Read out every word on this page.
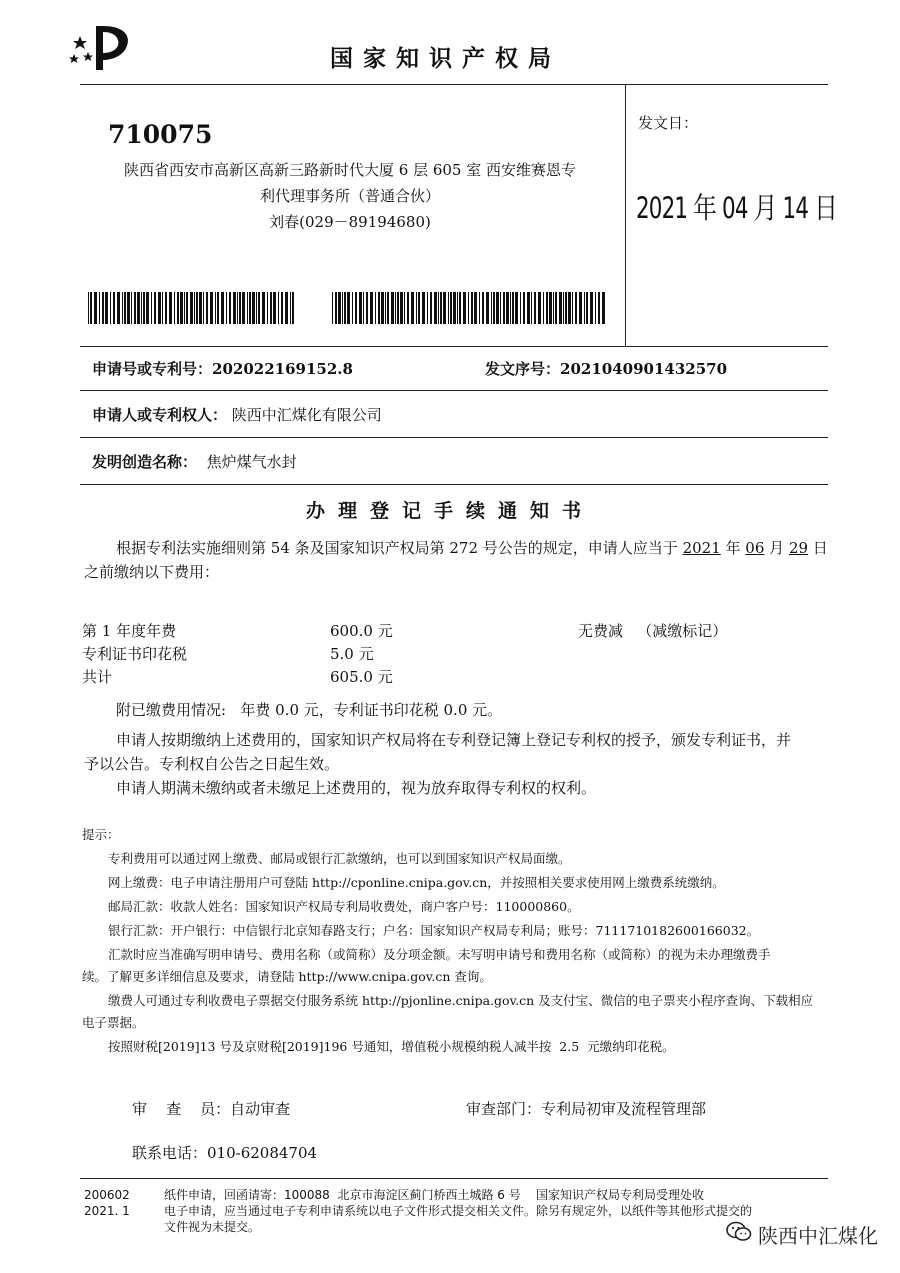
国家知识产权局
710075
陕西省西安市高新区高新三路新时代大厦 6 层 605 室 西安维赛恩专
利代理事务所（普通合伙）
刘春(029－89194680)
发文日：
2021 年 04 月 14 日
申请号或专利号：202022169152.8	发文序号：2021040901432570
申请人或专利权人： 陕西中汇煤化有限公司
发明创造名称： 焦炉煤气水封
办理登记手续通知书
根据专利法实施细则第 54 条及国家知识产权局第 272 号公告的规定，申请人应当于 2021 年 06 月 29 日
之前缴纳以下费用：
第 1 年度年费	600.0 元	无费减   （减缴标记）
专利证书印花税	5.0 元
共计	605.0 元
附已缴费用情况:   年费 0.0 元，专利证书印花税 0.0 元。
申请人按期缴纳上述费用的，国家知识产权局将在专利登记簿上登记专利权的授予，颁发专利证书，并
予以公告。专利权自公告之日起生效。
申请人期满未缴纳或者未缴足上述费用的，视为放弃取得专利权的权利。
提示：
专利费用可以通过网上缴费、邮局或银行汇款缴纳，也可以到国家知识产权局面缴。
网上缴费：电子申请注册用户可登陆 http://cponline.cnipa.gov.cn，并按照相关要求使用网上缴费系统缴纳。
邮局汇款：收款人姓名：国家知识产权局专利局收费处，商户客户号：110000860。
银行汇款：开户银行：中信银行北京知春路支行；户名：国家知识产权局专利局；账号：7111710182600166032。
汇款时应当准确写明申请号、费用名称（或简称）及分项金额。未写明申请号和费用名称（或简称）的视为未办理缴费手
续。了解更多详细信息及要求，请登陆 http://www.cnipa.gov.cn 查询。
缴费人可通过专利收费电子票据交付服务系统 http://pjonline.cnipa.gov.cn 及支付宝、微信的电子票夹小程序查询、下载相应
电子票据。
按照财税[2019]13 号及京财税[2019]196 号通知，增值税小规模纳税人减半按  2.5  元缴纳印花税。
审    查    员：自动审查	审查部门：专利局初审及流程管理部
联系电话：010-62084704
200602
2021. 1
纸件申请，回函请寄：100088  北京市海淀区蓟门桥西土城路 6 号    国家知识产权局专利局受理处收
电子申请，应当通过电子专利申请系统以电子文件形式提交相关文件。除另有规定外，以纸件等其他形式提交的
文件视为未提交。	陕西中汇煤化
